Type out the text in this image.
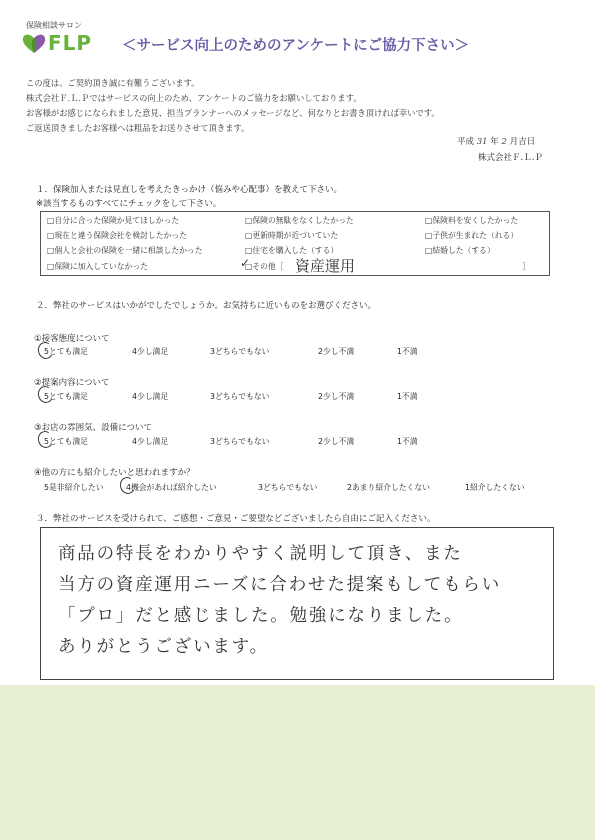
保険相談サロン
FLP ＜サービス向上のためのアンケートにご協力下さい＞
この度は、ご契約頂き誠に有難うございます。
株式会社Ｆ.Ｌ.Ｐではサービスの向上のため、アンケートのご協力をお願いしております。
お客様がお感じになられました意見、担当プランナーへのメッセージなど、何なりとお書き頂ければ幸いです。
ご返送頂きましたお客様へは粗品をお送りさせて頂きます。
平成 31 年 2 月吉日
株式会社Ｆ.Ｌ.Ｐ
１．保険加入または見直しを考えたきっかけ（悩みや心配事）を教えて下さい。
※該当するものすべてにチェックをして下さい。
□自分に合った保険か見てほしかった	□保険の無駄をなくしたかった	□保険料を安くしたかった
□現在と違う保険会社を検討したかった	□更新時期が近づいていた	□子供が生まれた（れる）
□個人と会社の保険を一緒に相談したかった	□住宅を購入した（する）	□結婚した（する）
□保険に加入していなかった	□その他［
✓	資産運用	］
２．弊社のサービスはいかがでしたでしょうか。お気持ちに近いものをお選びください。
①接客態度について
5とても満足	4少し満足	3どちらでもない	2少し不満	1不満
②提案内容について
5とても満足	4少し満足	3どちらでもない	2少し不満	1不満
③お店の雰囲気、設備について
5とても満足	4少し満足	3どちらでもない	2少し不満	1不満
④他の方にも紹介したいと思われますか？
5是非紹介したい	4機会があれば紹介したい	3どちらでもない	2あまり紹介したくない	1紹介したくない
３．弊社のサービスを受けられて、ご感想・ご意見・ご要望などございましたら自由にご記入ください。
商品の特長をわかりやすく説明して頂き、また
当方の資産運用ニーズに合わせた提案もしてもらい
「プロ」だと感じました。勉強になりました。
ありがとうございます。
